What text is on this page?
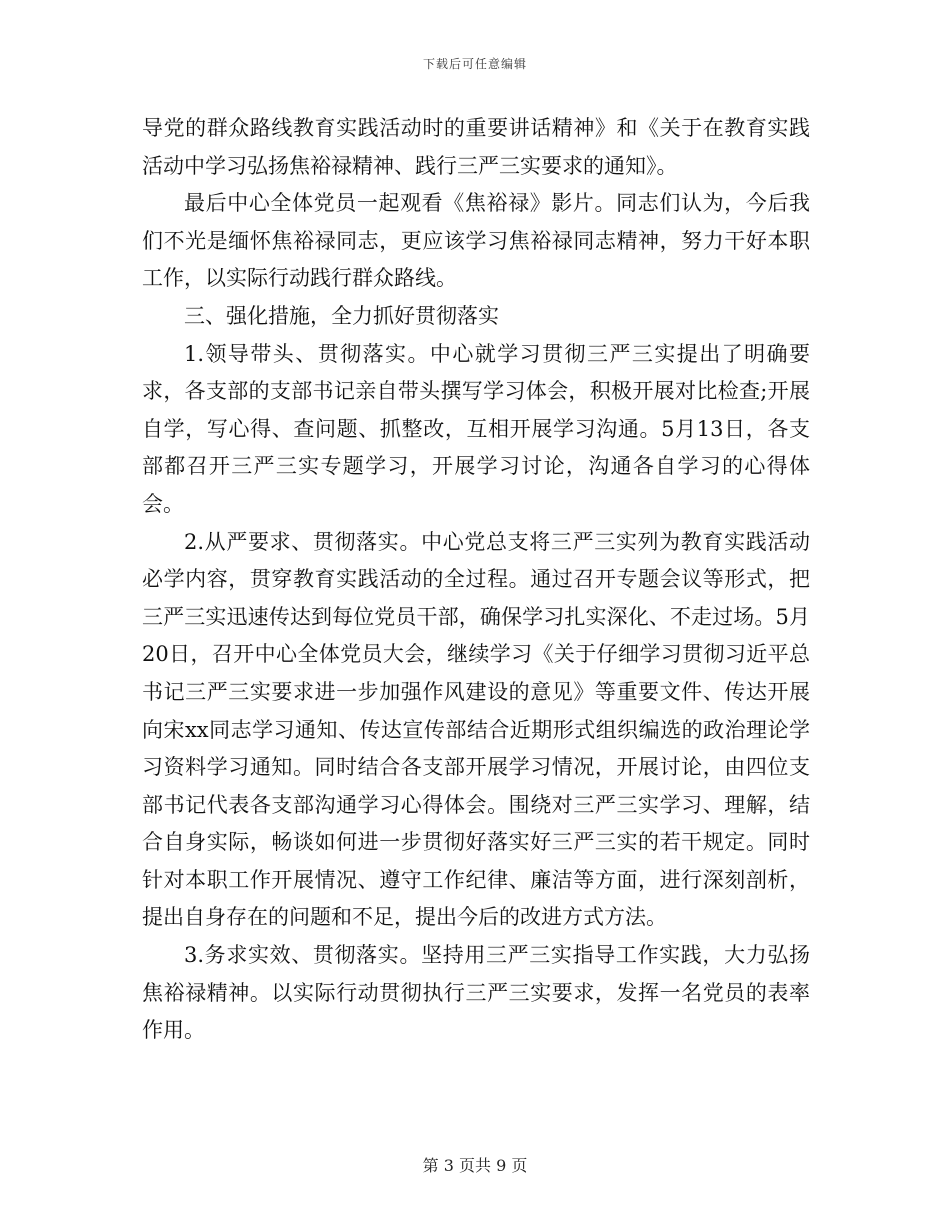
下载后可任意编辑

导党的群众路线教育实践活动时的重要讲话精神》和《关于在教育实践活动中学习弘扬焦裕禄精神、践行三严三实要求的通知》。

最后中心全体党员一起观看《焦裕禄》影片。同志们认为，今后我们不光是缅怀焦裕禄同志，更应该学习焦裕禄同志精神，努力干好本职工作，以实际行动践行群众路线。

三、强化措施，全力抓好贯彻落实

1.领导带头、贯彻落实。中心就学习贯彻三严三实提出了明确要求，各支部的支部书记亲自带头撰写学习体会，积极开展对比检查;开展自学，写心得、查问题、抓整改，互相开展学习沟通。5月13日，各支部都召开三严三实专题学习，开展学习讨论，沟通各自学习的心得体会。

2.从严要求、贯彻落实。中心党总支将三严三实列为教育实践活动必学内容，贯穿教育实践活动的全过程。通过召开专题会议等形式，把三严三实迅速传达到每位党员干部，确保学习扎实深化、不走过场。5月20日，召开中心全体党员大会，继续学习《关于仔细学习贯彻习近平总书记三严三实要求进一步加强作风建设的意见》等重要文件、传达开展向宋xx同志学习通知、传达宣传部结合近期形式组织编选的政治理论学习资料学习通知。同时结合各支部开展学习情况，开展讨论，由四位支部书记代表各支部沟通学习心得体会。围绕对三严三实学习、理解，结合自身实际，畅谈如何进一步贯彻好落实好三严三实的若干规定。同时针对本职工作开展情况、遵守工作纪律、廉洁等方面，进行深刻剖析，提出自身存在的问题和不足，提出今后的改进方式方法。

3.务求实效、贯彻落实。坚持用三严三实指导工作实践，大力弘扬焦裕禄精神。以实际行动贯彻执行三严三实要求，发挥一名党员的表率作用。

第 3 页共 9 页
